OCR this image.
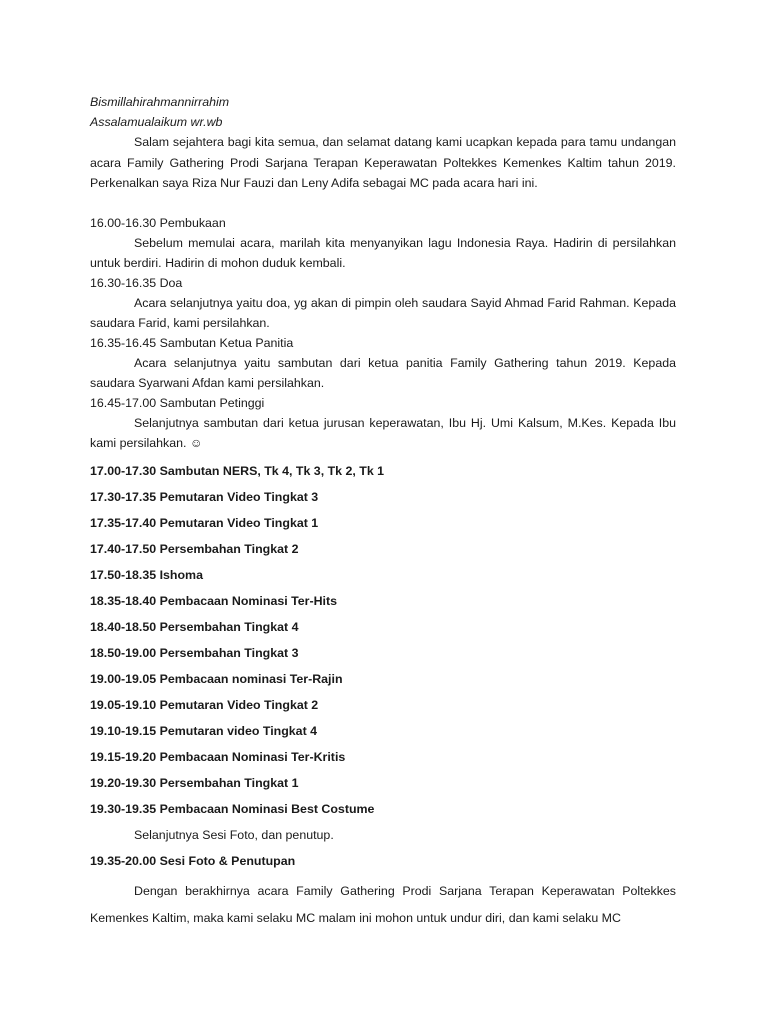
Bismillahirahmannirrahim

Assalamualaikum wr.wb

Salam sejahtera bagi kita semua, dan selamat datang kami ucapkan kepada para tamu undangan acara Family Gathering Prodi Sarjana Terapan Keperawatan Poltekkes Kemenkes Kaltim tahun 2019. Perkenalkan saya Riza Nur Fauzi dan Leny Adifa sebagai MC pada acara hari ini.

16.00-16.30 Pembukaan

Sebelum memulai acara, marilah kita menyanyikan lagu Indonesia Raya. Hadirin di persilahkan untuk berdiri. Hadirin di mohon duduk kembali.

16.30-16.35 Doa

Acara selanjutnya yaitu doa, yg akan di pimpin oleh saudara Sayid Ahmad Farid Rahman. Kepada saudara Farid, kami persilahkan.

16.35-16.45 Sambutan Ketua Panitia

Acara selanjutnya yaitu sambutan dari ketua panitia Family Gathering tahun 2019. Kepada saudara Syarwani Afdan kami persilahkan.

16.45-17.00 Sambutan Petinggi

Selanjutnya sambutan dari ketua jurusan keperawatan, Ibu Hj. Umi Kalsum, M.Kes. Kepada Ibu kami persilahkan. ☺

17.00-17.30 Sambutan NERS, Tk 4, Tk 3, Tk 2, Tk 1

17.30-17.35 Pemutaran Video Tingkat 3

17.35-17.40 Pemutaran Video Tingkat 1

17.40-17.50 Persembahan Tingkat 2

17.50-18.35 Ishoma

18.35-18.40 Pembacaan Nominasi Ter-Hits

18.40-18.50 Persembahan Tingkat 4

18.50-19.00 Persembahan Tingkat 3

19.00-19.05 Pembacaan nominasi Ter-Rajin

19.05-19.10 Pemutaran Video Tingkat 2

19.10-19.15 Pemutaran video Tingkat 4

19.15-19.20 Pembacaan Nominasi Ter-Kritis

19.20-19.30 Persembahan Tingkat 1

19.30-19.35 Pembacaan Nominasi Best Costume

Selanjutnya Sesi Foto, dan penutup.

19.35-20.00 Sesi Foto & Penutupan

Dengan berakhirnya acara Family Gathering Prodi Sarjana Terapan Keperawatan Poltekkes Kemenkes Kaltim, maka kami selaku MC malam ini mohon untuk undur diri, dan kami selaku MC
